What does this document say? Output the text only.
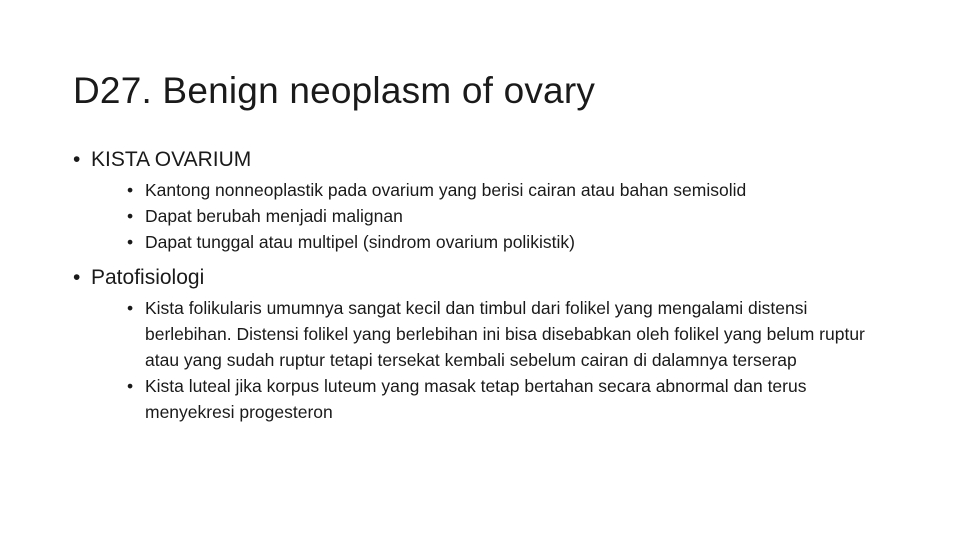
D27. Benign neoplasm of ovary
• KISTA OVARIUM
• Kantong nonneoplastik pada ovarium yang berisi cairan atau bahan semisolid
• Dapat berubah menjadi malignan
• Dapat tunggal atau multipel (sindrom ovarium polikistik)
• Patofisiologi
• Kista folikularis umumnya sangat kecil dan timbul dari folikel yang mengalami distensi berlebihan. Distensi folikel yang berlebihan ini bisa disebabkan oleh folikel yang belum ruptur atau yang sudah ruptur tetapi tersekat kembali sebelum cairan di dalamnya terserap
• Kista luteal jika korpus luteum yang masak tetap bertahan secara abnormal dan terus menyekresi progesteron
